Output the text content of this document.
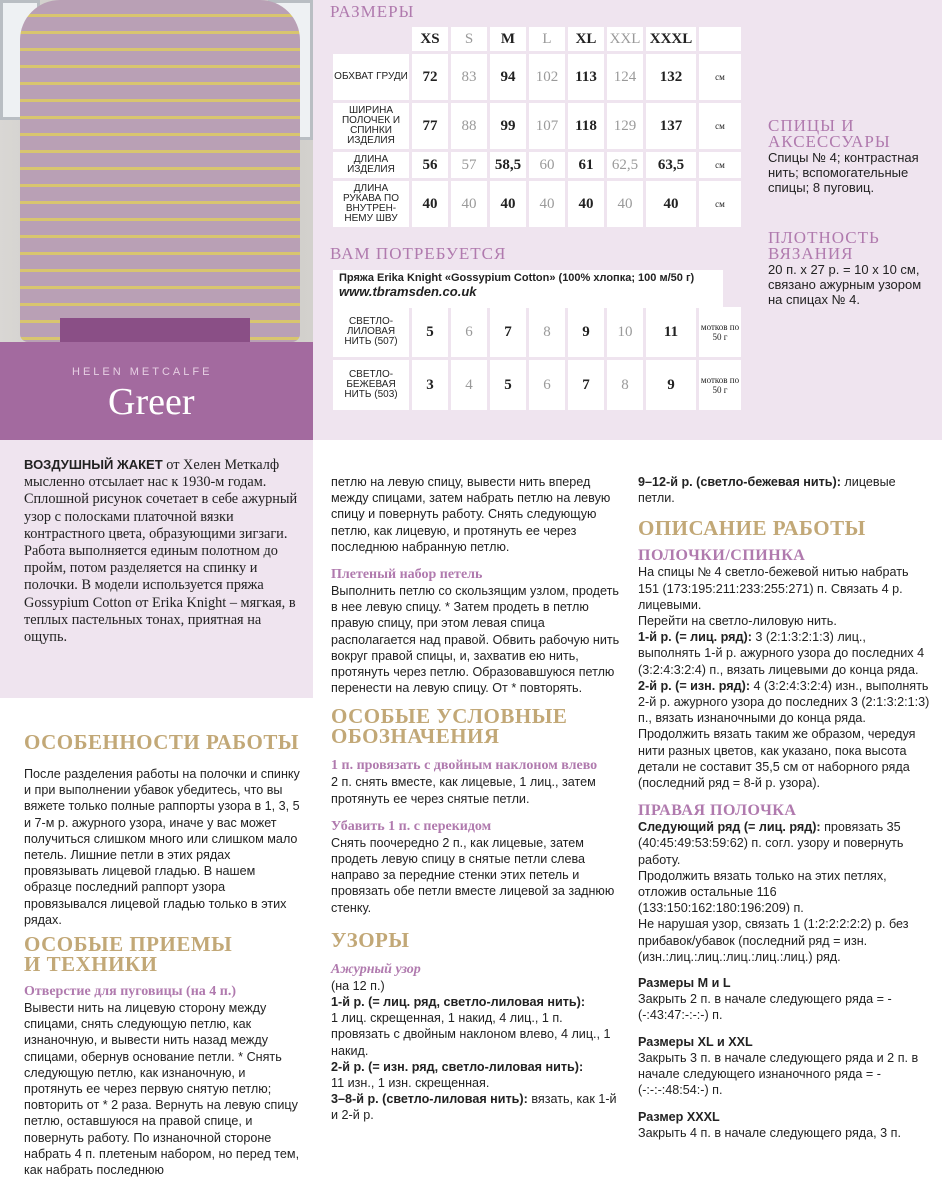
HELEN METCALFE
Greer
РАЗМЕРЫ
	XS	S	M	L	XL	XXL	XXXL	
ОБХВАТ ГРУДИ	72	83	94	102	113	124	132	см
ШИРИНА ПОЛОЧЕК И СПИНКИ ИЗДЕЛИЯ	77	88	99	107	118	129	137	см
ДЛИНА ИЗДЕЛИЯ	56	57	58,5	60	61	62,5	63,5	см
ДЛИНА РУКАВА ПО ВНУТРЕН-НЕМУ ШВУ	40	40	40	40	40	40	40	см
СПИЦЫ И АКСЕССУАРЫ

Спицы № 4; контрастная нить; вспомогательные спицы; 8 пуговиц.

ПЛОТНОСТЬ ВЯЗАНИЯ

20 п. х 27 р. = 10 х 10 см, связано ажурным узором на спицах № 4.

ВАМ ПОТРЕБУЕТСЯ
Пряжа Erika Knight «Gossypium Cotton» (100% хлопка; 100 м/50 г)
www.tbramsden.co.uk
СВЕТЛО-ЛИЛОВАЯ НИТЬ (507)	5	6	7	8	9	10	11	мотков по 50 г
СВЕТЛО-БЕЖЕВАЯ НИТЬ (503)	3	4	5	6	7	8	9	мотков по 50 г
ВОЗДУШНЫЙ ЖАКЕТ от Хелен Меткалф мысленно отсылает нас к 1930-м годам. Сплошной рисунок сочетает в себе ажурный узор с полосками платочной вязки контрастного цвета, образующими зигзаги. Работа выполняется единым полотном до пройм, потом разделяется на спинку и полочки. В модели используется пряжа Gossypium Cotton от Erika Knight – мягкая, в теплых пастельных тонах, приятная на ощупь.
ОСОБЕННОСТИ РАБОТЫ

После разделения работы на полочки и спинку и при выполнении убавок убедитесь, что вы вяжете только полные раппорты узора в 1, 3, 5 и 7-м р. ажурного узора, иначе у вас может получиться слишком много или слишком мало петель. Лишние петли в этих рядах провязывать лицевой гладью. В нашем образце последний раппорт узора провязывался лицевой гладью только в этих рядах.

ОСОБЫЕ ПРИЕМЫ И ТЕХНИКИ
Отверстие для пуговицы (на 4 п.)

Вывести нить на лицевую сторону между спицами, снять следующую петлю, как изнаночную, и вывести нить назад между спицами, обернув основание петли. * Снять следующую петлю, как изнаночную, и протянуть ее через первую снятую петлю; повторить от * 2 раза. Вернуть на левую спицу петлю, оставшуюся на правой спице, и повернуть работу. По изнаночной стороне набрать 4 п. плетеным набором, но перед тем, как набрать последнюю

петлю на левую спицу, вывести нить вперед между спицами, затем набрать петлю на левую спицу и повернуть работу. Снять следующую петлю, как лицевую, и протянуть ее через последнюю набранную петлю.

Плетеный набор петель

Выполнить петлю со скользящим узлом, продеть в нее левую спицу. * Затем продеть в петлю правую спицу, при этом левая спица располагается над правой. Обвить рабочую нить вокруг правой спицы, и, захватив ею нить, протянуть через петлю. Образовавшуюся петлю перенести на левую спицу. От * повторять.

ОСОБЫЕ УСЛОВНЫЕ ОБОЗНАЧЕНИЯ
1 п. провязать с двойным наклоном влево

2 п. снять вместе, как лицевые, 1 лиц., затем протянуть ее через снятые петли.

Убавить 1 п. с перекидом

Снять поочередно 2 п., как лицевые, затем продеть левую спицу в снятые петли слева направо за передние стенки этих петель и провязать обе петли вместе лицевой за заднюю стенку.

УЗОРЫ
Ажурный узор

(на 12 п.)

1-й р. (= лиц. ряд, светло-лиловая нить):
1 лиц. скрещенная, 1 накид, 4 лиц., 1 п. провязать с двойным наклоном влево, 4 лиц., 1 накид.

2-й р. (= изн. ряд, светло-лиловая нить):
11 изн., 1 изн. скрещенная.

3–8-й р. (светло-лиловая нить): вязать, как 1-й и 2-й р.

9–12-й р. (светло-бежевая нить): лицевые петли.

ОПИСАНИЕ РАБОТЫ
ПОЛОЧКИ/СПИНКА

На спицы № 4 светло-бежевой нитью набрать 151 (173:195:211:233:255:271) п. Связать 4 р. лицевыми.

Перейти на светло-лиловую нить.

1-й р. (= лиц. ряд): 3 (2:1:3:2:1:3) лиц., выполнять 1-й р. ажурного узора до последних 4 (3:2:4:3:2:4) п., вязать лицевыми до конца ряда.

2-й р. (= изн. ряд): 4 (3:2:4:3:2:4) изн., выполнять 2-й р. ажурного узора до последних 3 (2:1:3:2:1:3) п., вязать изнаночными до конца ряда.

Продолжить вязать таким же образом, чередуя нити разных цветов, как указано, пока высота детали не составит 35,5 см от наборного ряда (последний ряд = 8-й р. узора).

ПРАВАЯ ПОЛОЧКА

Следующий ряд (= лиц. ряд): провязать 35 (40:45:49:53:59:62) п. согл. узору и повернуть работу.

Продолжить вязать только на этих петлях, отложив остальные 116 (133:150:162:180:196:209) п.

Не нарушая узор, связать 1 (1:2:2:2:2:2) р. без прибавок/убавок (последний ряд = изн. (изн.:лиц.:лиц.:лиц.:лиц.:лиц.) ряд.

Размеры M и L

Закрыть 2 п. в начале следующего ряда = - (-:43:47:-:-:-) п.

Размеры XL и XXL

Закрыть 3 п. в начале следующего ряда и 2 п. в начале следующего изнаночного ряда = - (-:-:-:48:54:-) п.

Размер XXXL

Закрыть 4 п. в начале следующего ряда, 3 п.
